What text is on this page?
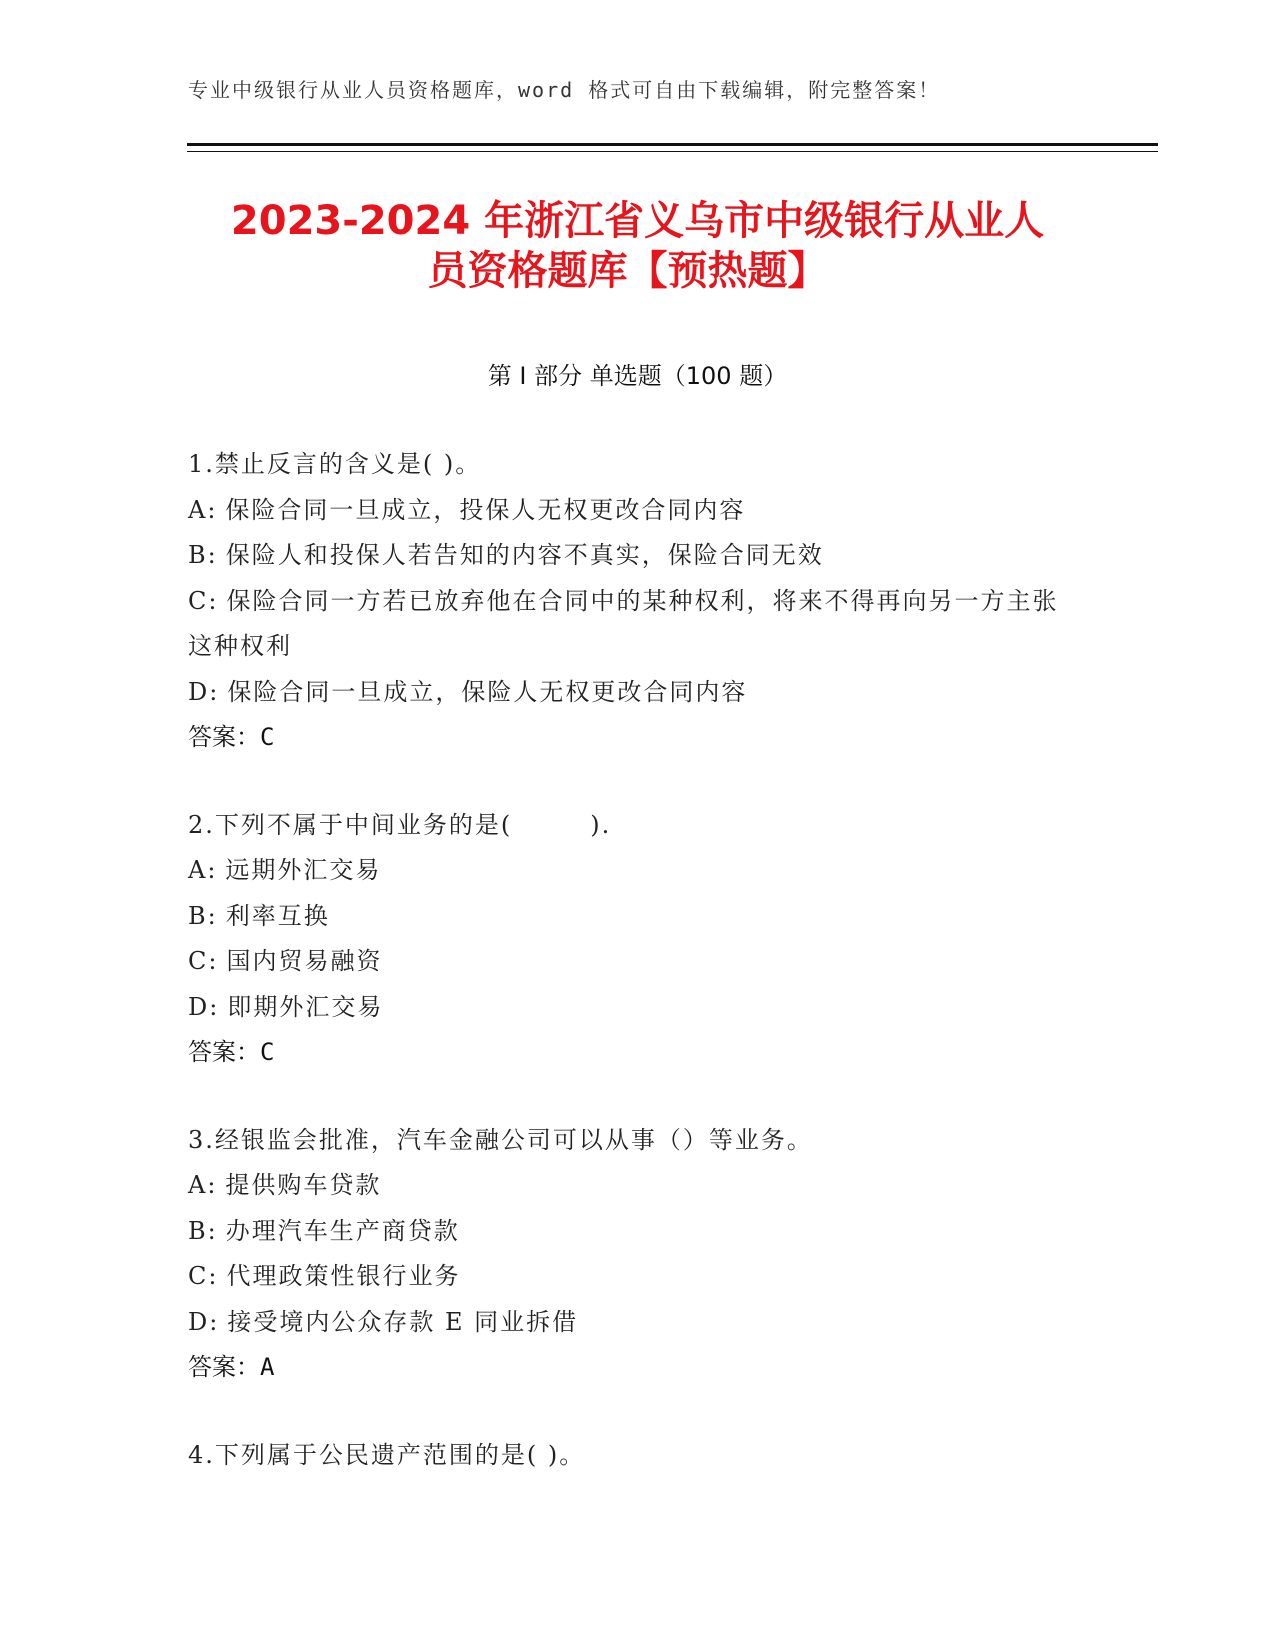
专业中级银行从业人员资格题库，word 格式可自由下载编辑，附完整答案！
2023-2024 年浙江省义乌市中级银行从业人
员资格题库【预热题】
第 I 部分 单选题（100 题）
1.禁止反言的含义是( )。
A: 保险合同一旦成立，投保人无权更改合同内容
B: 保险人和投保人若告知的内容不真实，保险合同无效
C: 保险合同一方若已放弃他在合同中的某种权利，将来不得再向另一方主张这种权利
D: 保险合同一旦成立，保险人无权更改合同内容
答案：C
2.下列不属于中间业务的是(　　　).
A: 远期外汇交易
B: 利率互换
C: 国内贸易融资
D: 即期外汇交易
答案：C
3.经银监会批准，汽车金融公司可以从事（）等业务。
A: 提供购车贷款
B: 办理汽车生产商贷款
C: 代理政策性银行业务
D: 接受境内公众存款 E 同业拆借
答案：A
4.下列属于公民遗产范围的是( )。
